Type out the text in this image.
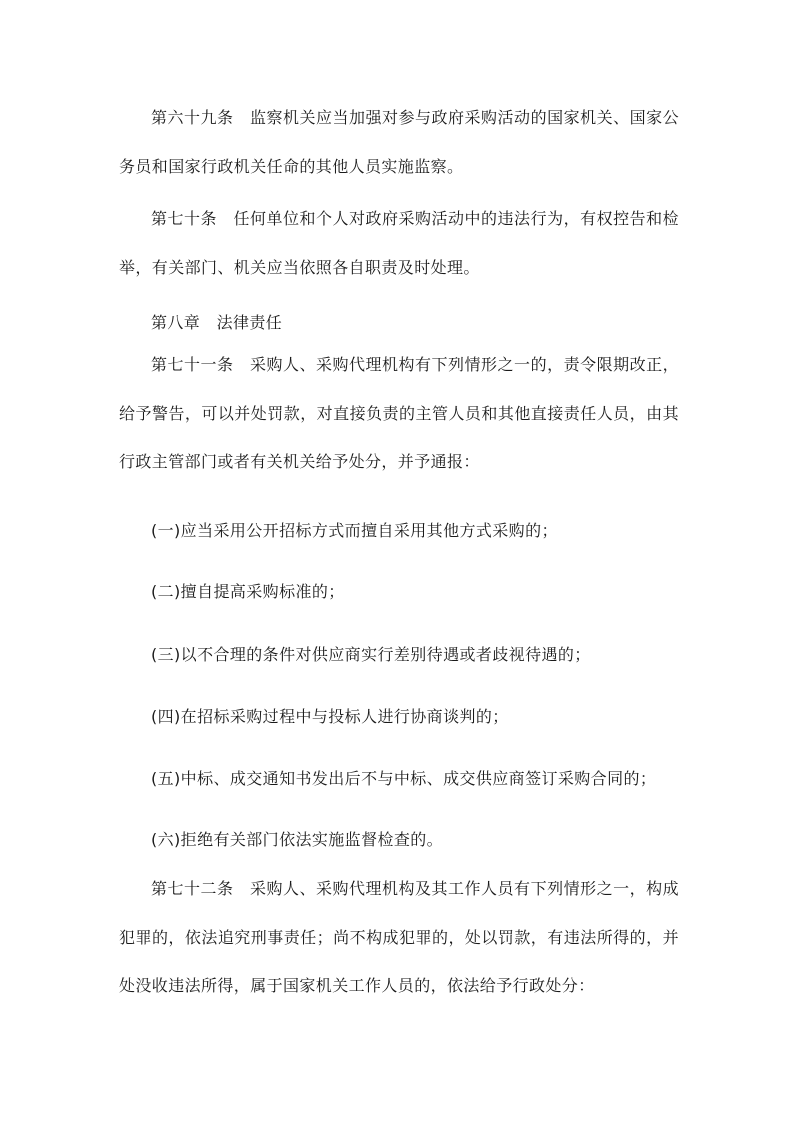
第六十九条　监察机关应当加强对参与政府采购活动的国家机关、国家公务员和国家行政机关任命的其他人员实施监察。

第七十条　任何单位和个人对政府采购活动中的违法行为，有权控告和检举，有关部门、机关应当依照各自职责及时处理。

第八章　法律责任

第七十一条　采购人、采购代理机构有下列情形之一的，责令限期改正，给予警告，可以并处罚款，对直接负责的主管人员和其他直接责任人员，由其行政主管部门或者有关机关给予处分，并予通报：

(一)应当采用公开招标方式而擅自采用其他方式采购的；

(二)擅自提高采购标准的；

(三)以不合理的条件对供应商实行差别待遇或者歧视待遇的；

(四)在招标采购过程中与投标人进行协商谈判的；

(五)中标、成交通知书发出后不与中标、成交供应商签订采购合同的；

(六)拒绝有关部门依法实施监督检查的。

第七十二条　采购人、采购代理机构及其工作人员有下列情形之一，构成犯罪的，依法追究刑事责任；尚不构成犯罪的，处以罚款，有违法所得的，并处没收违法所得，属于国家机关工作人员的，依法给予行政处分：
